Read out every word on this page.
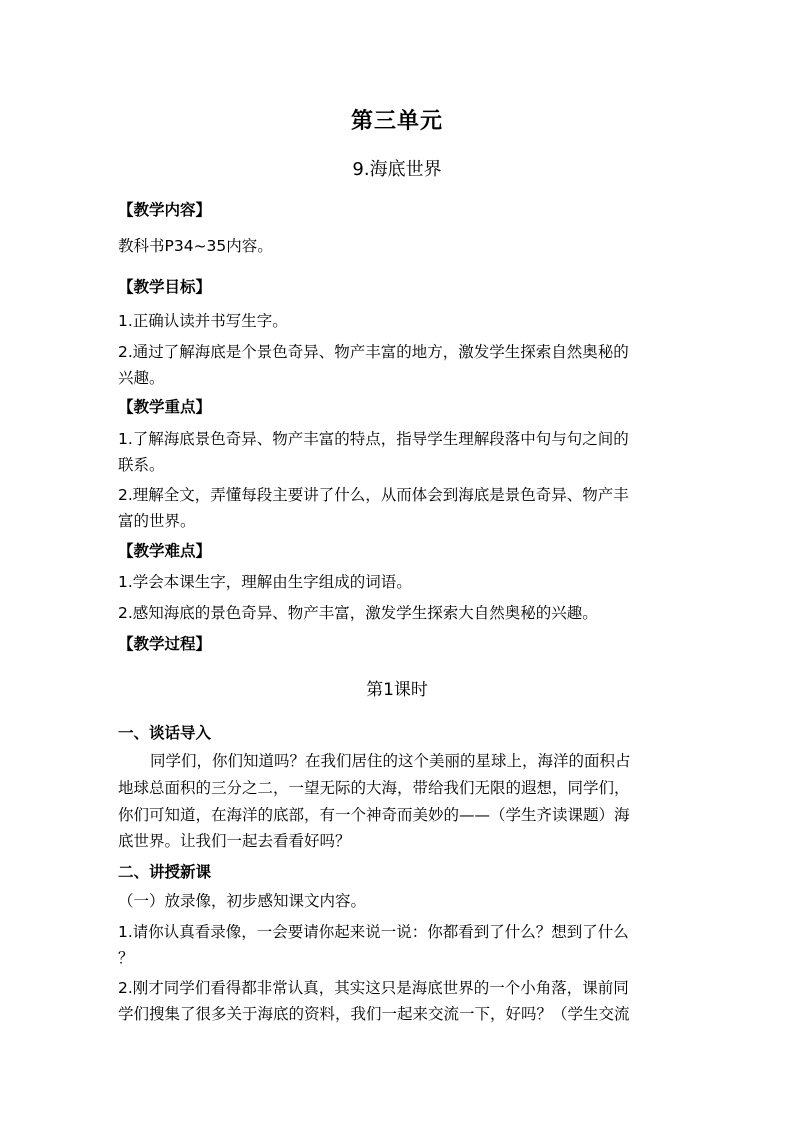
第三单元
9.海底世界
【教学内容】
教科书P34~35内容。
【教学目标】
1.正确认读并书写生字。
2.通过了解海底是个景色奇异、物产丰富的地方，激发学生探索自然奥秘的
兴趣。
【教学重点】
1.了解海底景色奇异、物产丰富的特点，指导学生理解段落中句与句之间的
联系。
2.理解全文，弄懂每段主要讲了什么，从而体会到海底是景色奇异、物产丰
富的世界。
【教学难点】
1.学会本课生字，理解由生字组成的词语。
2.感知海底的景色奇异、物产丰富，激发学生探索大自然奥秘的兴趣。
【教学过程】
第1课时
一、谈话导入
同学们，你们知道吗？在我们居住的这个美丽的星球上，海洋的面积占
地球总面积的三分之二，一望无际的大海，带给我们无限的遐想，同学们，
你们可知道，在海洋的底部，有一个神奇而美妙的——（学生齐读课题）海
底世界。让我们一起去看看好吗？
二、讲授新课
（一）放录像，初步感知课文内容。
1.请你认真看录像，一会要请你起来说一说：你都看到了什么？想到了什么
？
2.刚才同学们看得都非常认真，其实这只是海底世界的一个小角落，课前同
学们搜集了很多关于海底的资料，我们一起来交流一下，好吗？（学生交流
